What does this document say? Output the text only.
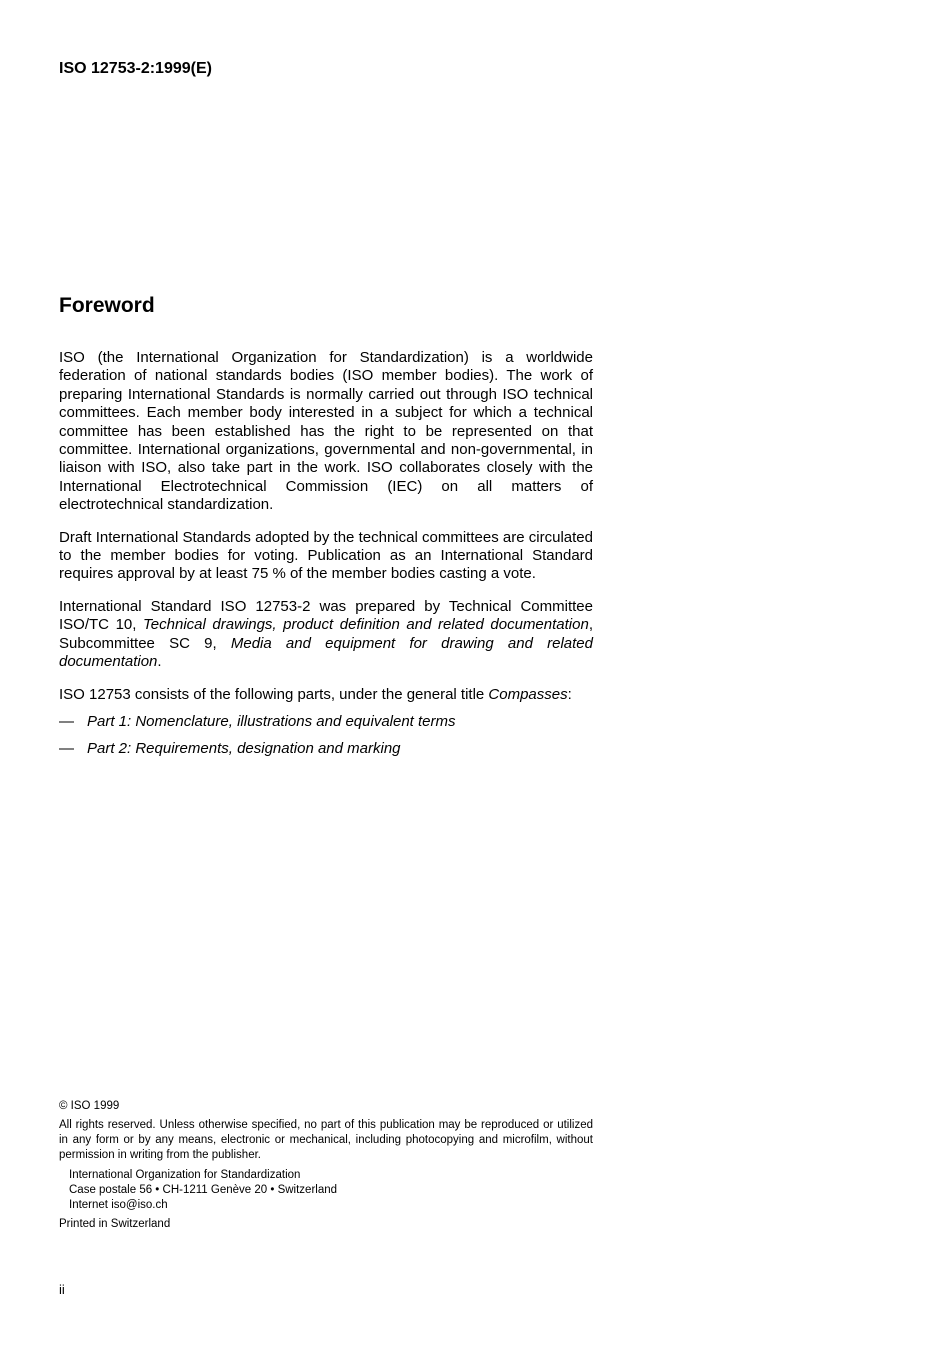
ISO 12753-2:1999(E)
Foreword

ISO (the International Organization for Standardization) is a worldwide federation of national standards bodies (ISO member bodies). The work of preparing International Standards is normally carried out through ISO technical committees. Each member body interested in a subject for which a technical committee has been established has the right to be represented on that committee. International organizations, governmental and non-governmental, in liaison with ISO, also take part in the work. ISO collaborates closely with the International Electrotechnical Commission (IEC) on all matters of electrotechnical standardization.

Draft International Standards adopted by the technical committees are circulated to the member bodies for voting. Publication as an International Standard requires approval by at least 75 % of the member bodies casting a vote.

International Standard ISO 12753-2 was prepared by Technical Committee ISO/TC 10, Technical drawings, product definition and related documentation, Subcommittee SC 9, Media and equipment for drawing and related documentation.

ISO 12753 consists of the following parts, under the general title Compasses:

— Part 1: Nomenclature, illustrations and equivalent terms
— Part 2: Requirements, designation and marking

© ISO 1999

All rights reserved. Unless otherwise specified, no part of this publication may be reproduced or utilized in any form or by any means, electronic or mechanical, including photocopying and microfilm, without permission in writing from the publisher.

International Organization for Standardization

Case postale 56 • CH-1211 Genève 20 • Switzerland

Internet iso@iso.ch

Printed in Switzerland

ii
